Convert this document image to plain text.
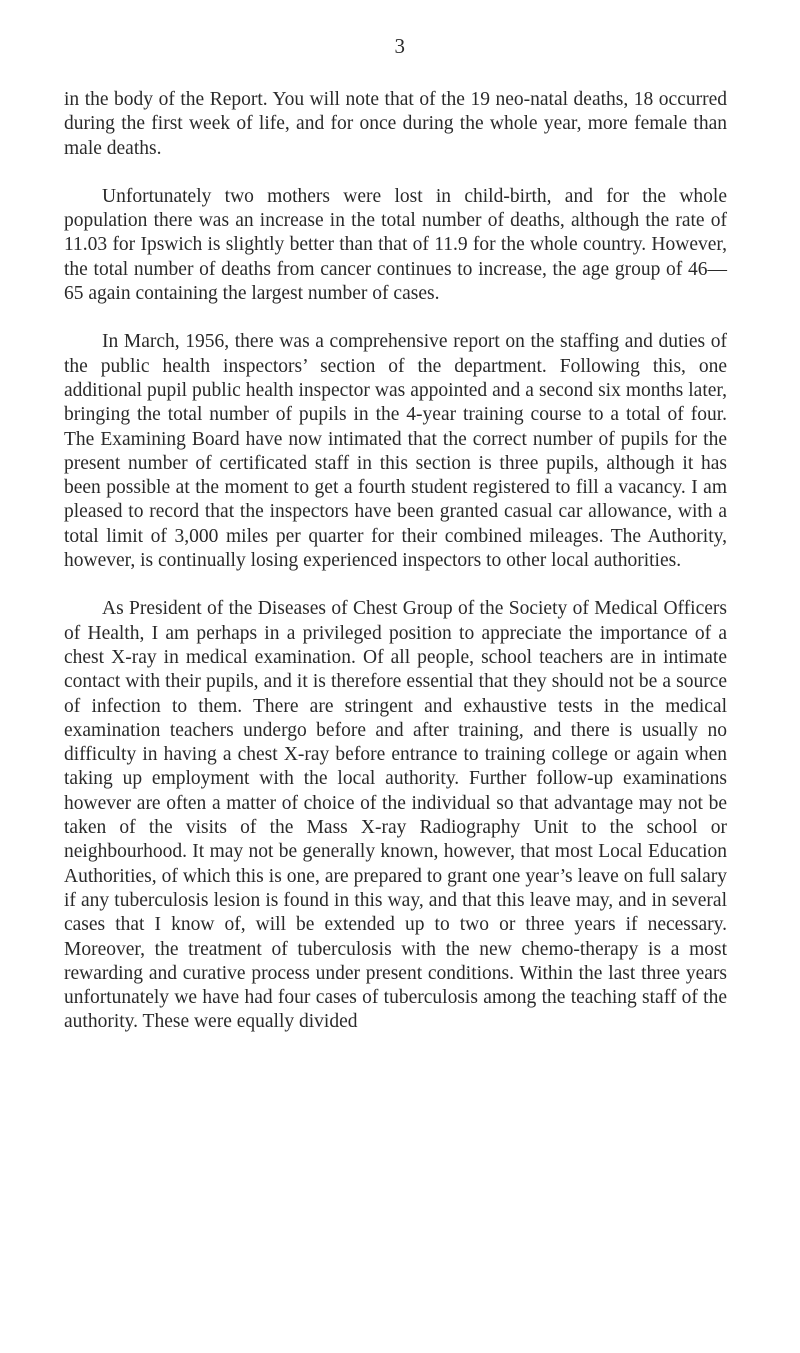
3

in the body of the Report. You will note that of the 19 neo-natal deaths, 18 occurred during the first week of life, and for once during the whole year, more female than male deaths.

Unfortunately two mothers were lost in child-birth, and for the whole population there was an increase in the total number of deaths, although the rate of 11.03 for Ipswich is slightly better than that of 11.9 for the whole country. However, the total number of deaths from cancer continues to increase, the age group of 46—65 again containing the largest number of cases.

In March, 1956, there was a comprehensive report on the staffing and duties of the public health inspectors’ section of the department. Following this, one additional pupil public health inspector was appointed and a second six months later, bringing the total number of pupils in the 4-year training course to a total of four. The Examining Board have now intimated that the correct number of pupils for the present number of certificated staff in this section is three pupils, although it has been possible at the moment to get a fourth student registered to fill a vacancy. I am pleased to record that the inspectors have been granted casual car allowance, with a total limit of 3,000 miles per quarter for their combined mileages. The Authority, however, is continually losing experienced inspectors to other local authorities.

As President of the Diseases of Chest Group of the Society of Medical Officers of Health, I am perhaps in a privileged position to appreciate the importance of a chest X-ray in medical examination. Of all people, school teachers are in intimate contact with their pupils, and it is therefore essential that they should not be a source of infection to them. There are stringent and exhaustive tests in the medical examination teachers undergo before and after training, and there is usually no difficulty in having a chest X-ray before entrance to training college or again when taking up employment with the local authority. Further follow-up examinations however are often a matter of choice of the individual so that advantage may not be taken of the visits of the Mass X-ray Radiography Unit to the school or neighbourhood. It may not be generally known, however, that most Local Education Authorities, of which this is one, are prepared to grant one year’s leave on full salary if any tuberculosis lesion is found in this way, and that this leave may, and in several cases that I know of, will be extended up to two or three years if necessary. Moreover, the treatment of tuberculosis with the new chemo-therapy is a most rewarding and curative process under present conditions. Within the last three years unfortunately we have had four cases of tuberculosis among the teaching staff of the authority. These were equally divided
